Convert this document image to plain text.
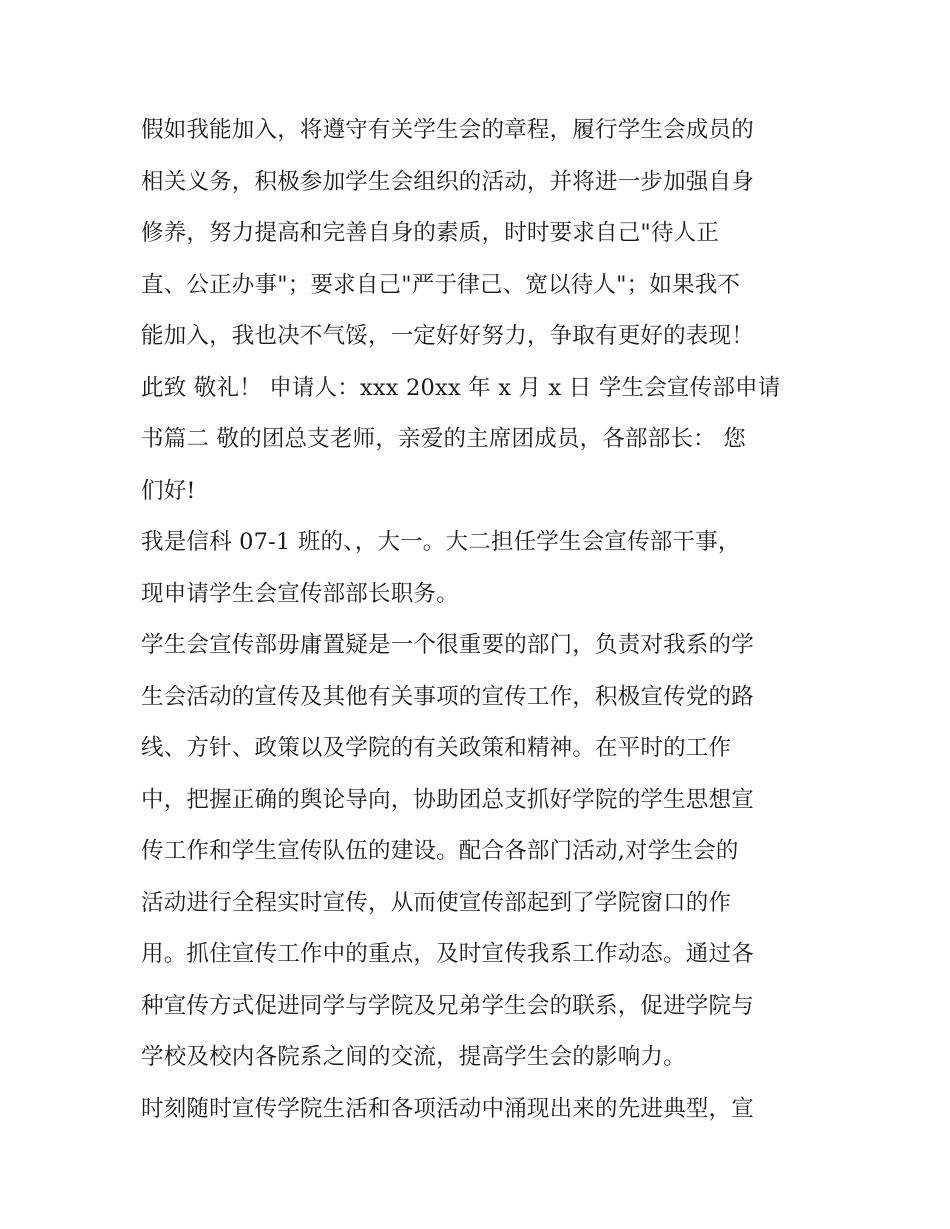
假如我能加入，将遵守有关学生会的章程，履行学生会成员的
相关义务，积极参加学生会组织的活动，并将进一步加强自身
修养，努力提高和完善自身的素质，时时要求自己"待人正
直、公正办事"；要求自己"严于律己、宽以待人"；如果我不
能加入，我也决不气馁，一定好好努力，争取有更好的表现！
此致 敬礼！ 申请人：xxx 20xx 年 x 月 x 日 学生会宣传部申请
书篇二 敬的团总支老师，亲爱的主席团成员，各部部长： 您
们好!
我是信科 07-1 班的、，大一。大二担任学生会宣传部干事，
现申请学生会宣传部部长职务。
学生会宣传部毋庸置疑是一个很重要的部门，负责对我系的学
生会活动的宣传及其他有关事项的宣传工作，积极宣传党的路
线、方针、政策以及学院的有关政策和精神。在平时的工作
中，把握正确的舆论导向，协助团总支抓好学院的学生思想宣
传工作和学生宣传队伍的建设。配合各部门活动,对学生会的
活动进行全程实时宣传，从而使宣传部起到了学院窗口的作
用。抓住宣传工作中的重点，及时宣传我系工作动态。通过各
种宣传方式促进同学与学院及兄弟学生会的联系，促进学院与
学校及校内各院系之间的交流，提高学生会的影响力。
时刻随时宣传学院生活和各项活动中涌现出来的先进典型，宣
